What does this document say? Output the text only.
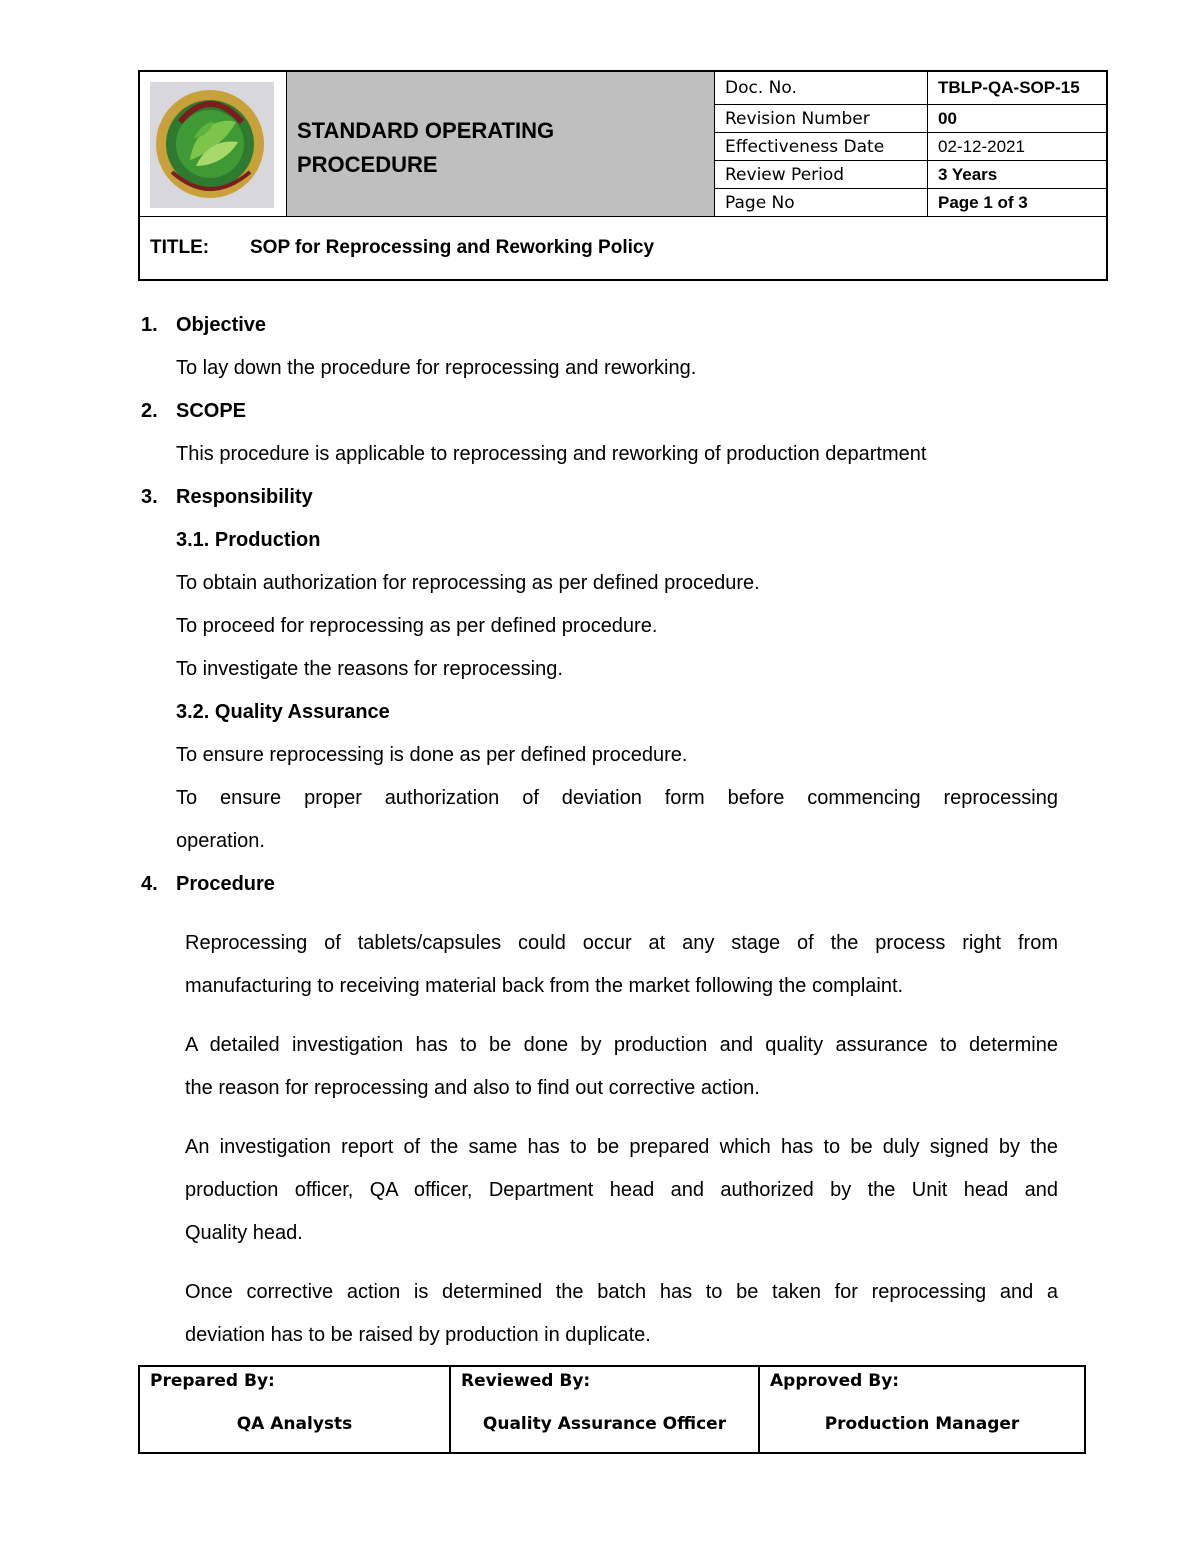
STANDARD OPERATING
PROCEDURE
Doc. No.	TBLP-QA-SOP-15
Revision Number	00
Effectiveness Date	02-12-2021
Review Period	3 Years
Page No	Page 1 of 3
TITLE: SOP for Reprocessing and Reworking Policy
1. Objective
To lay down the procedure for reprocessing and reworking.
2. SCOPE
This procedure is applicable to reprocessing and reworking of production department
3. Responsibility
3.1. Production
To obtain authorization for reprocessing as per defined procedure.
To proceed for reprocessing as per defined procedure.
To investigate the reasons for reprocessing.
3.2. Quality Assurance
To ensure reprocessing is done as per defined procedure.
To ensure proper authorization of deviation form before commencing reprocessing
operation.
4. Procedure
Reprocessing of tablets/capsules could occur at any stage of the process right from
manufacturing to receiving material back from the market following the complaint.
A detailed investigation has to be done by production and quality assurance to determine
the reason for reprocessing and also to find out corrective action.
An investigation report of the same has to be prepared which has to be duly signed by the
production officer, QA officer, Department head and authorized by the Unit head and
Quality head.
Once corrective action is determined the batch has to be taken for reprocessing and a
deviation has to be raised by production in duplicate.
Prepared By:
QA Analysts
Reviewed By:
Quality Assurance Officer
Approved By:
Production Manager
